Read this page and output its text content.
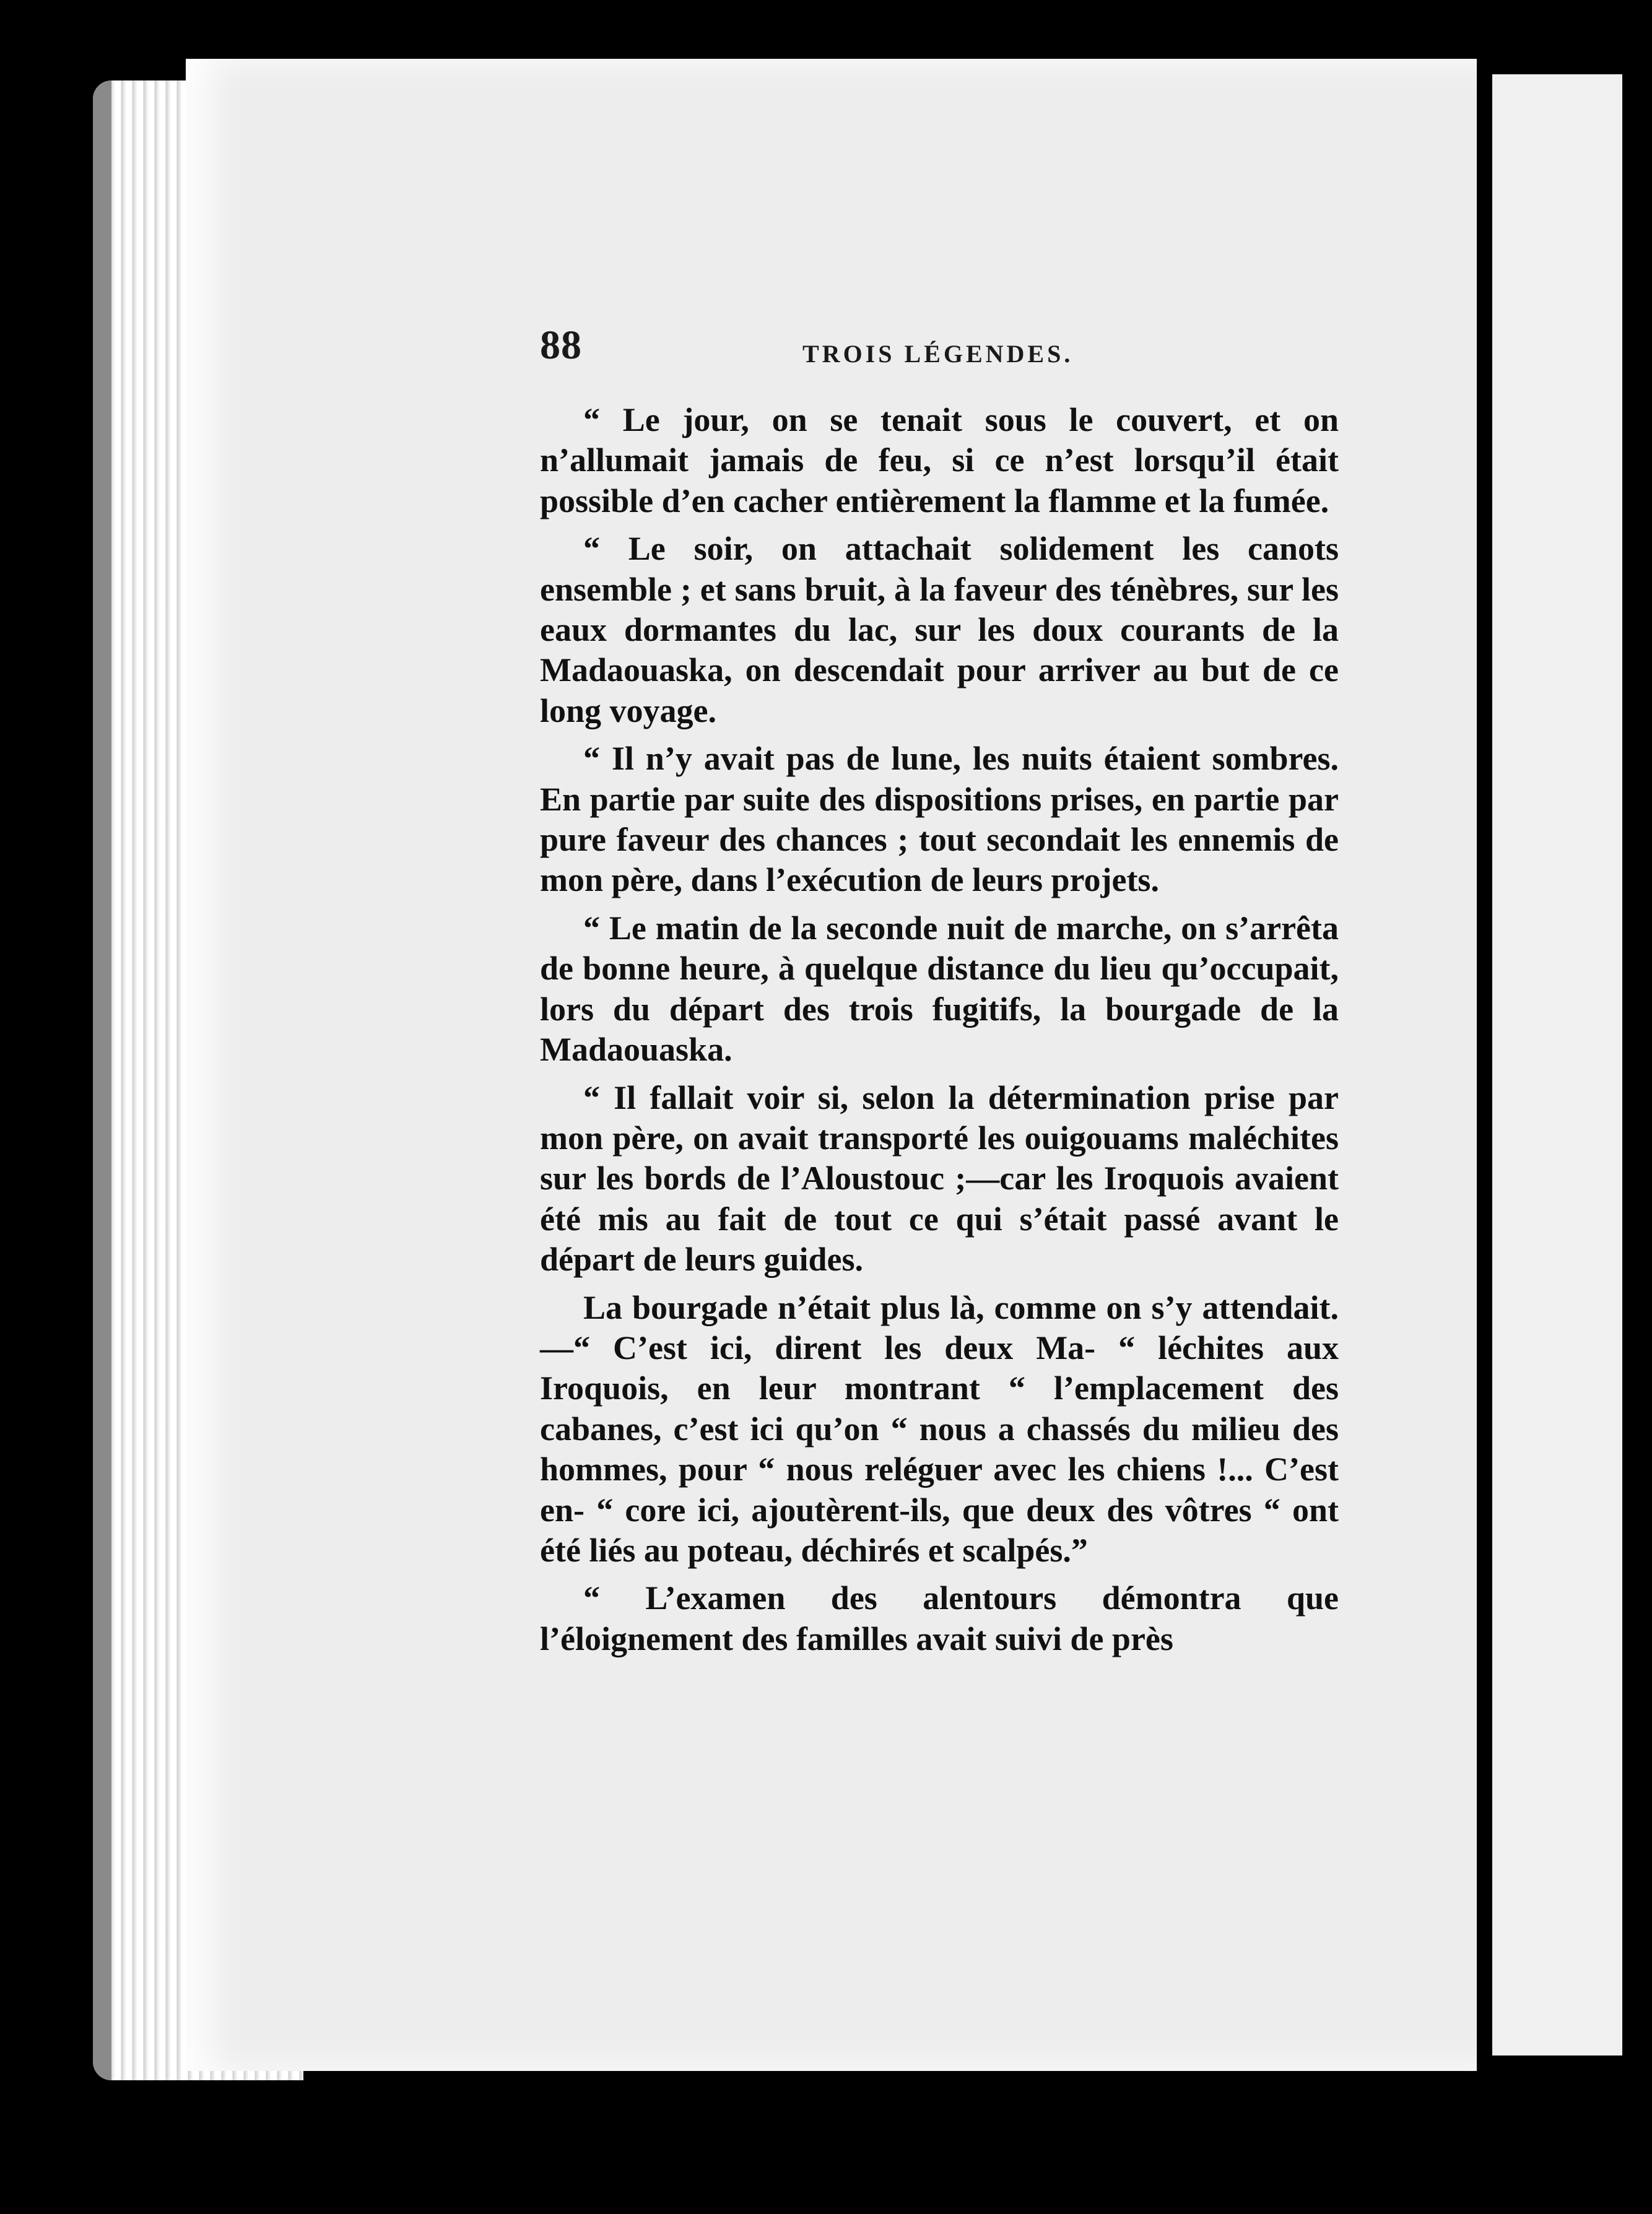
88	TROIS LÉGENDES.

“ Le jour, on se tenait sous le couvert, et on n’allumait jamais de feu, si ce n’est lorsqu’il était possible d’en cacher entièrement la flamme et la fumée.

“ Le soir, on attachait solidement les canots ensemble ; et sans bruit, à la faveur des ténèbres, sur les eaux dormantes du lac, sur les doux courants de la Madaouaska, on descendait pour arriver au but de ce long voyage.

“ Il n’y avait pas de lune, les nuits étaient sombres. En partie par suite des dispositions prises, en partie par pure faveur des chances ; tout secondait les ennemis de mon père, dans l’exécution de leurs projets.

“ Le matin de la seconde nuit de marche, on s’arrêta de bonne heure, à quelque distance du lieu qu’occupait, lors du départ des trois fugitifs, la bourgade de la Madaouaska.

“ Il fallait voir si, selon la détermination prise par mon père, on avait transporté les ouigouams maléchites sur les bords de l’Aloustouc ;—car les Iroquois avaient été mis au fait de tout ce qui s’était passé avant le départ de leurs guides.

La bourgade n’était plus là, comme on s’y attendait.—“ C’est ici, dirent les deux Ma- “ léchites aux Iroquois, en leur montrant “ l’emplacement des cabanes, c’est ici qu’on “ nous a chassés du milieu des hommes, pour “ nous reléguer avec les chiens !... C’est en- “ core ici, ajoutèrent-ils, que deux des vôtres “ ont été liés au poteau, déchirés et scalpés.”

“ L’examen des alentours démontra que l’éloignement des familles avait suivi de près
